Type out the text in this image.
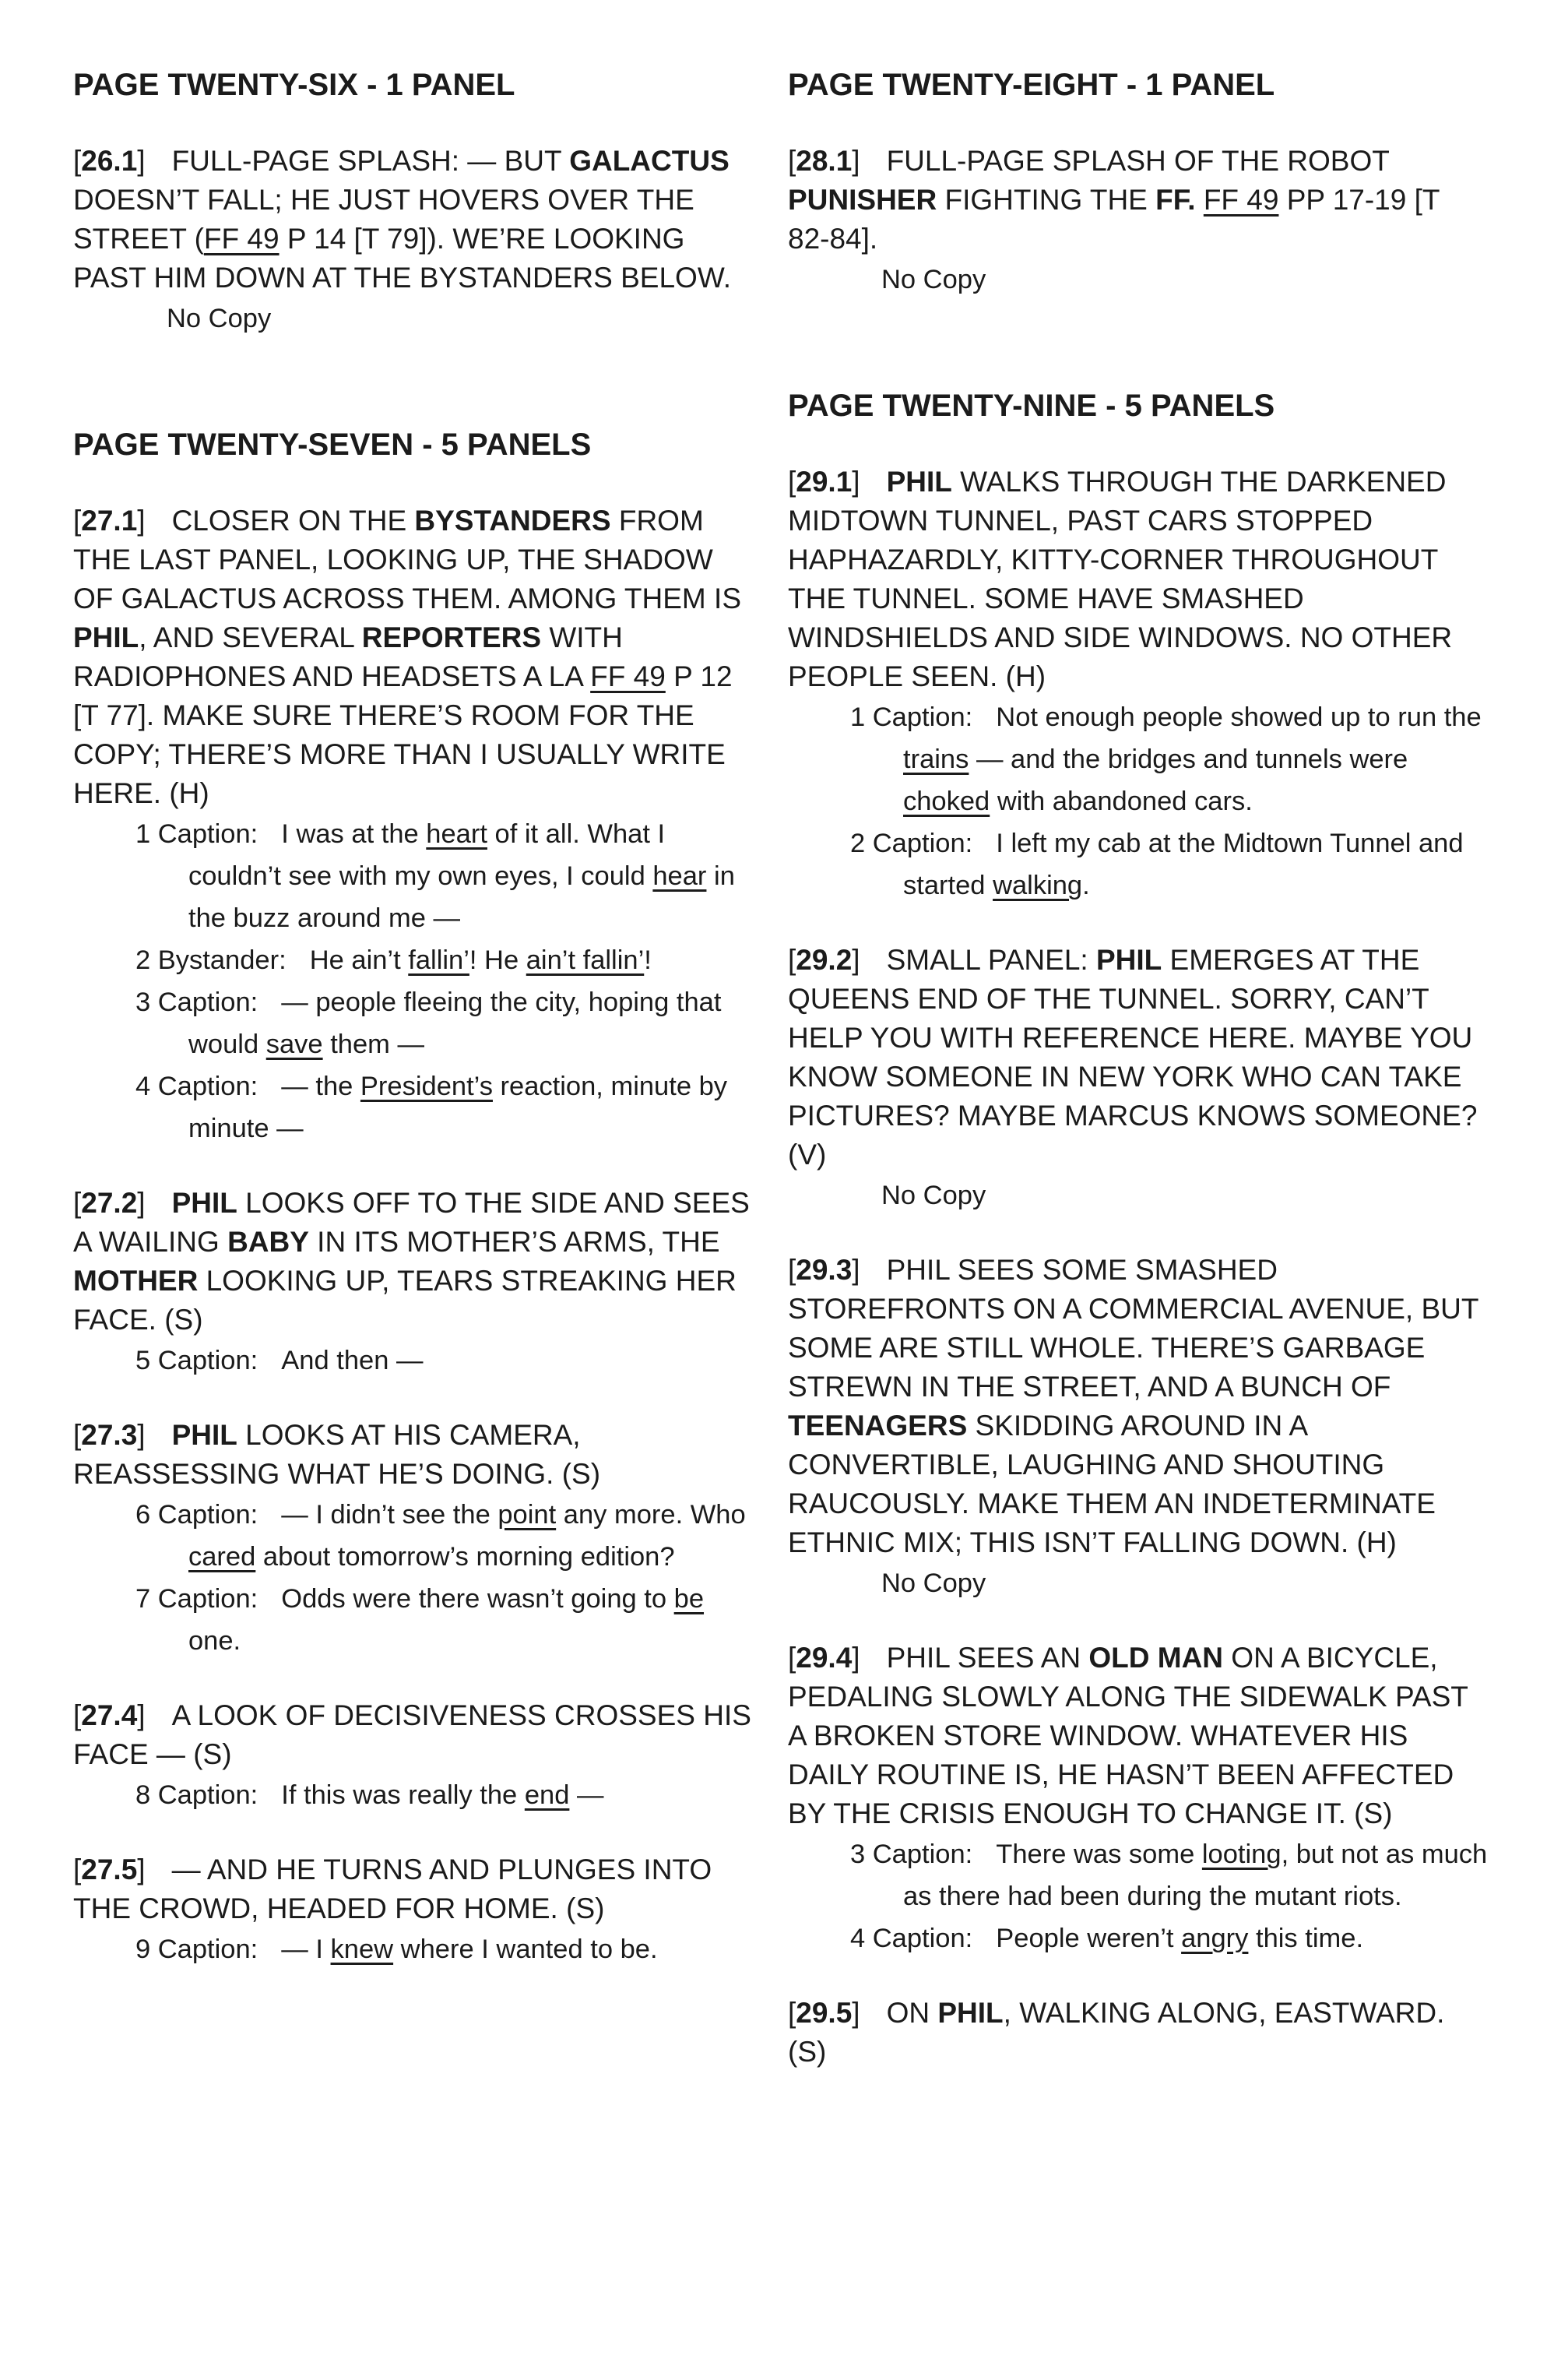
PAGE TWENTY-SIX - 1 PANEL

[26.1] FULL-PAGE SPLASH: — BUT GALACTUS DOESN’T FALL; HE JUST HOVERS OVER THE STREET (FF 49 P 14 [T 79]). WE’RE LOOKING PAST HIM DOWN AT THE BYSTANDERS BELOW.

No Copy

PAGE TWENTY-SEVEN - 5 PANELS

[27.1] CLOSER ON THE BYSTANDERS FROM THE LAST PANEL, LOOKING UP, THE SHADOW OF GALACTUS ACROSS THEM. AMONG THEM IS PHIL, AND SEVERAL REPORTERS WITH RADIOPHONES AND HEADSETS A LA FF 49 P 12 [T 77]. MAKE SURE THERE’S ROOM FOR THE COPY; THERE’S MORE THAN I USUALLY WRITE HERE. (H)

1 Caption: I was at the heart of it all. What I couldn’t see with my own eyes, I could hear in the buzz around me —

2 Bystander: He ain’t fallin’! He ain’t fallin’!

3 Caption: — people fleeing the city, hoping that would save them —

4 Caption: — the President’s reaction, minute by minute —

[27.2] PHIL LOOKS OFF TO THE SIDE AND SEES A WAILING BABY IN ITS MOTHER’S ARMS, THE MOTHER LOOKING UP, TEARS STREAKING HER FACE. (S)

5 Caption: And then —

[27.3] PHIL LOOKS AT HIS CAMERA, REASSESSING WHAT HE’S DOING. (S)

6 Caption: — I didn’t see the point any more. Who cared about tomorrow’s morning edition?

7 Caption: Odds were there wasn’t going to be one.

[27.4] A LOOK OF DECISIVENESS CROSSES HIS FACE — (S)

8 Caption: If this was really the end —

[27.5] — AND HE TURNS AND PLUNGES INTO THE CROWD, HEADED FOR HOME. (S)

9 Caption: — I knew where I wanted to be.

PAGE TWENTY-EIGHT - 1 PANEL

[28.1] FULL-PAGE SPLASH OF THE ROBOT PUNISHER FIGHTING THE FF. FF 49 PP 17-19 [T 82-84].

No Copy

PAGE TWENTY-NINE - 5 PANELS

[29.1] PHIL WALKS THROUGH THE DARKENED MIDTOWN TUNNEL, PAST CARS STOPPED HAPHAZARDLY, KITTY-CORNER THROUGHOUT THE TUNNEL. SOME HAVE SMASHED WINDSHIELDS AND SIDE WINDOWS. NO OTHER PEOPLE SEEN. (H)

1 Caption: Not enough people showed up to run the trains — and the bridges and tunnels were choked with abandoned cars.

2 Caption: I left my cab at the Midtown Tunnel and started walking.

[29.2] SMALL PANEL: PHIL EMERGES AT THE QUEENS END OF THE TUNNEL. SORRY, CAN’T HELP YOU WITH REFERENCE HERE. MAYBE YOU KNOW SOMEONE IN NEW YORK WHO CAN TAKE PICTURES? MAYBE MARCUS KNOWS SOMEONE? (V)

No Copy

[29.3] PHIL SEES SOME SMASHED STOREFRONTS ON A COMMERCIAL AVENUE, BUT SOME ARE STILL WHOLE. THERE’S GARBAGE STREWN IN THE STREET, AND A BUNCH OF TEENAGERS SKIDDING AROUND IN A CONVERTIBLE, LAUGHING AND SHOUTING RAUCOUSLY. MAKE THEM AN INDETERMINATE ETHNIC MIX; THIS ISN’T FALLING DOWN. (H)

No Copy

[29.4] PHIL SEES AN OLD MAN ON A BICYCLE, PEDALING SLOWLY ALONG THE SIDEWALK PAST A BROKEN STORE WINDOW. WHATEVER HIS DAILY ROUTINE IS, HE HASN’T BEEN AFFECTED BY THE CRISIS ENOUGH TO CHANGE IT. (S)

3 Caption: There was some looting, but not as much as there had been during the mutant riots.

4 Caption: People weren’t angry this time.

[29.5] ON PHIL, WALKING ALONG, EASTWARD. (S)
